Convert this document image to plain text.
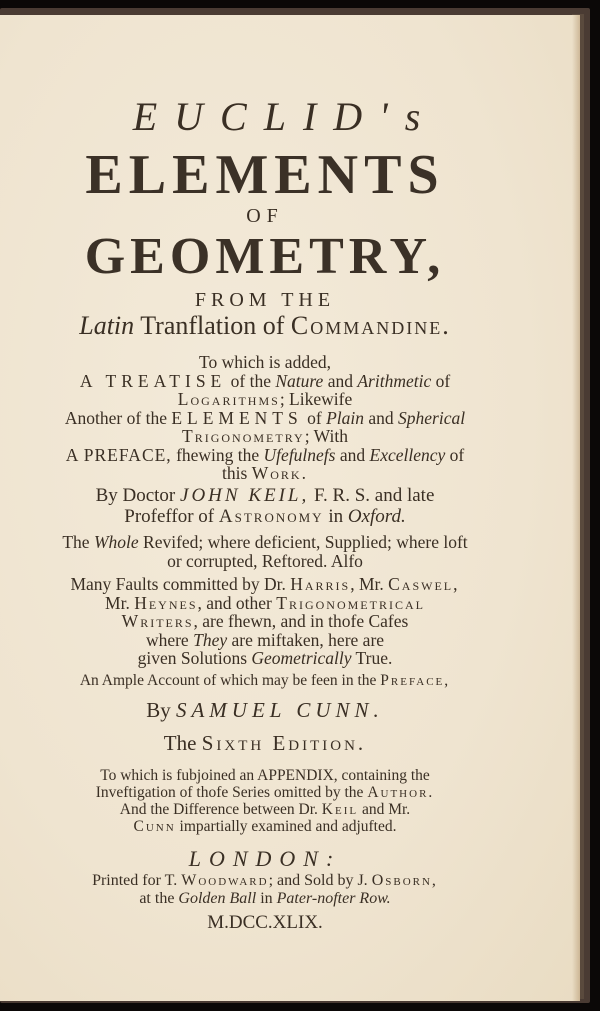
EUCLID's
ELEMENTS
OF
GEOMETRY,
FROM THE
Latin Tranflation of Commandine.
To which is added,
A TREATISE of the Nature and Arithmetic of
Logarithms; Likewife
Another of the ELEMENTS of Plain and Spherical
Trigonometry; With
A PREFACE, fhewing the Ufefulnefs and Excellency of
this Work.
By Doctor JOHN KEIL, F. R. S. and late
Profeffor of Astronomy in Oxford.
The Whole Revifed; where deficient, Supplied; where loft
or corrupted, Reftored. Alfo
Many Faults committed by Dr. Harris, Mr. Caswel,
Mr. Heynes, and other Trigonometrical
Writers, are fhewn, and in thofe Cafes
where They are miftaken, here are
given Solutions Geometrically True.
An Ample Account of which may be feen in the Preface,
By SAMUEL CUNN.
The Sixth Edition.
To which is fubjoined an APPENDIX, containing the
Inveftigation of thofe Series omitted by the Author.
And the Difference between Dr. Keil and Mr.
Cunn impartially examined and adjufted.
LONDON:
Printed for T. Woodward; and Sold by J. Osborn,
at the Golden Ball in Pater-nofter Row.
M.DCC.XLIX.
